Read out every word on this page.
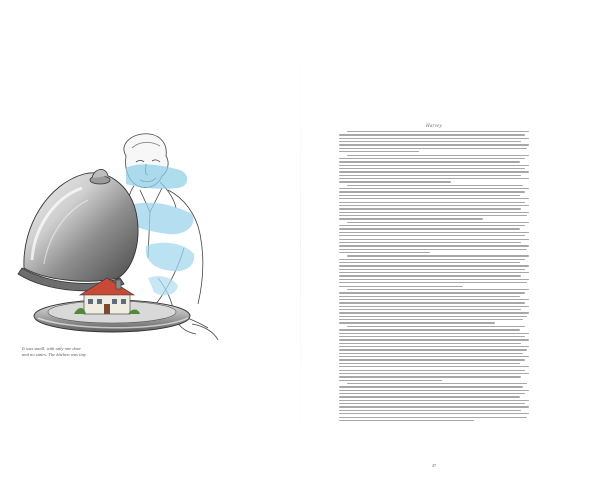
It was small, with only one door
and no stairs. The kitchen was tiny
Harvey
47
